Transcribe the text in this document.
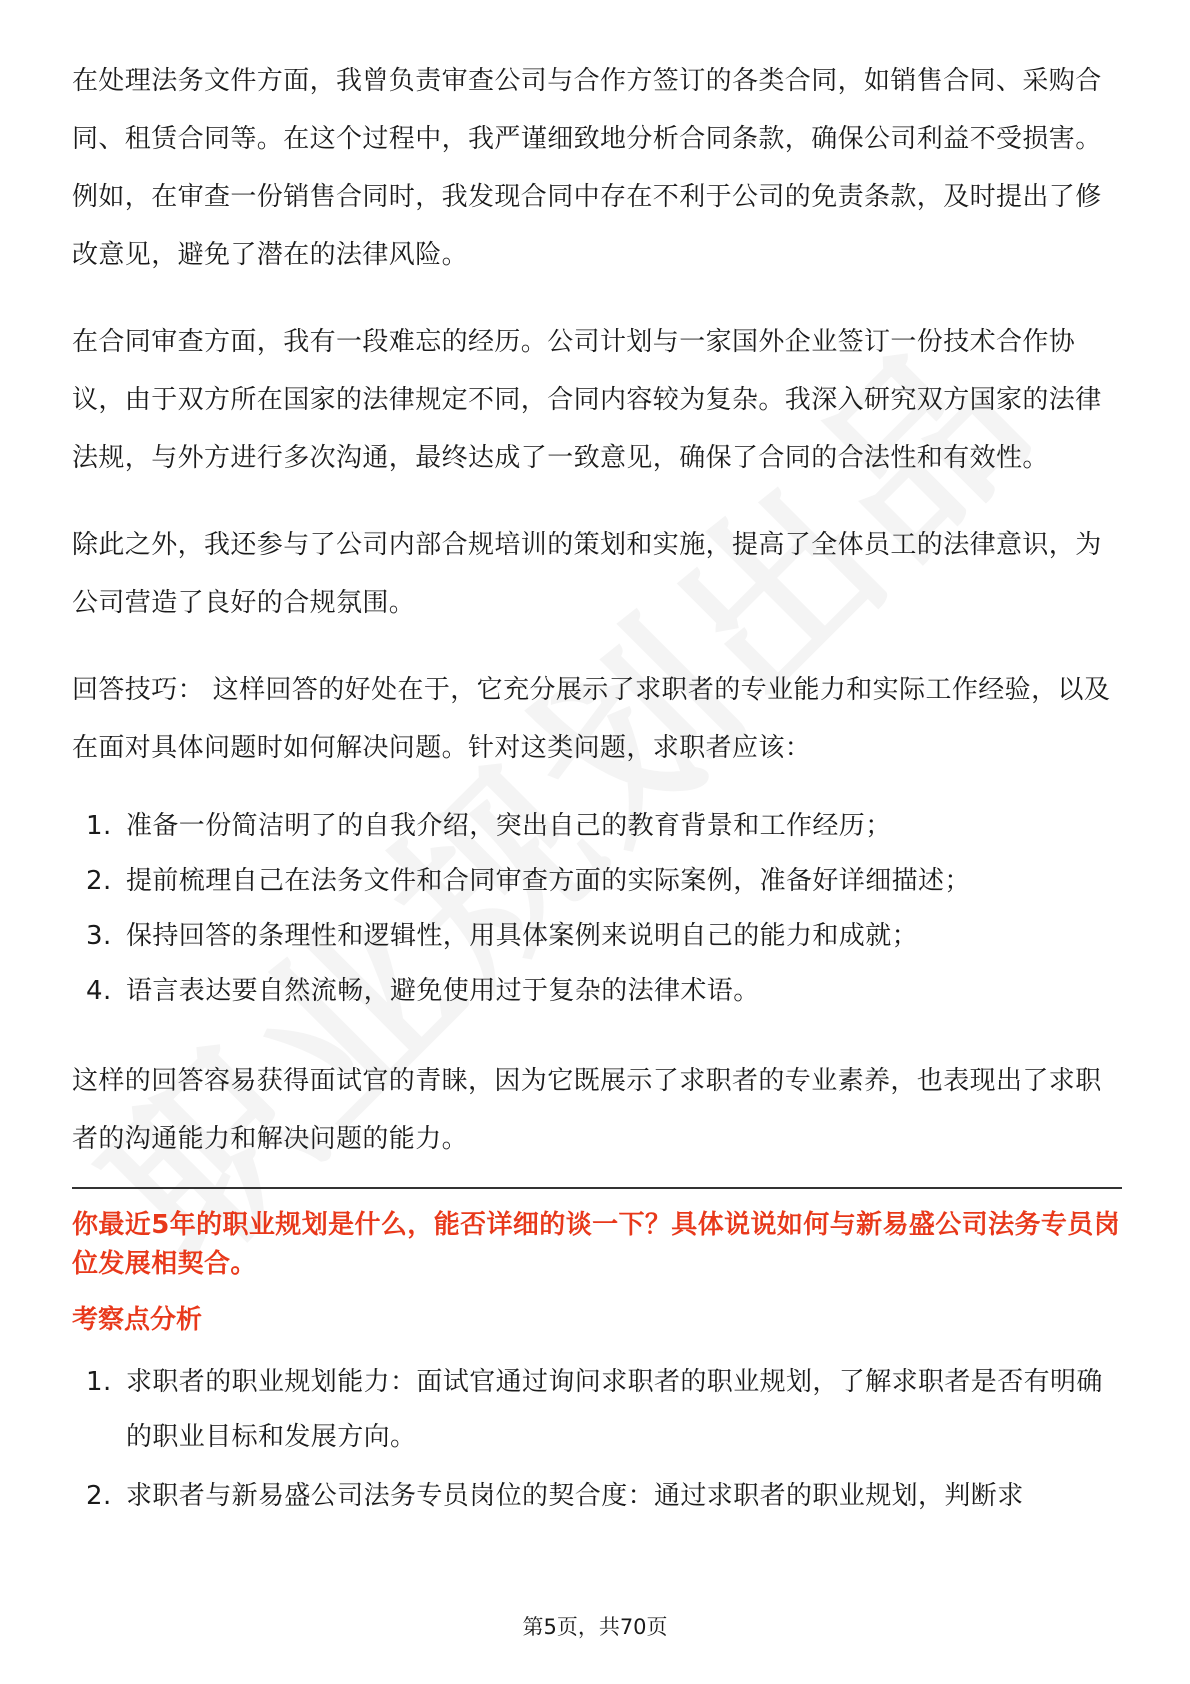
在处理法务文件方面，我曾负责审查公司与合作方签订的各类合同，如销售合同、采购合同、租赁合同等。在这个过程中，我严谨细致地分析合同条款，确保公司利益不受损害。例如，在审查一份销售合同时，我发现合同中存在不利于公司的免责条款，及时提出了修改意见，避免了潜在的法律风险。

在合同审查方面，我有一段难忘的经历。公司计划与一家国外企业签订一份技术合作协议，由于双方所在国家的法律规定不同，合同内容较为复杂。我深入研究双方国家的法律法规，与外方进行多次沟通，最终达成了一致意见，确保了合同的合法性和有效性。

除此之外，我还参与了公司内部合规培训的策划和实施，提高了全体员工的法律意识，为公司营造了良好的合规氛围。

回答技巧： 这样回答的好处在于，它充分展示了求职者的专业能力和实际工作经验，以及在面对具体问题时如何解决问题。针对这类问题，求职者应该：

1. 准备一份简洁明了的自我介绍，突出自己的教育背景和工作经历；
2. 提前梳理自己在法务文件和合同审查方面的实际案例，准备好详细描述；
3. 保持回答的条理性和逻辑性，用具体案例来说明自己的能力和成就；
4. 语言表达要自然流畅，避免使用过于复杂的法律术语。

这样的回答容易获得面试官的青睐，因为它既展示了求职者的专业素养，也表现出了求职者的沟通能力和解决问题的能力。

你最近5年的职业规划是什么，能否详细的谈一下？具体说说如何与新易盛公司法务专员岗位发展相契合。
考察点分析
1. 求职者的职业规划能力：面试官通过询问求职者的职业规划，了解求职者是否有明确的职业目标和发展方向。
2. 求职者与新易盛公司法务专员岗位的契合度：通过求职者的职业规划，判断求
第5页，共70页
